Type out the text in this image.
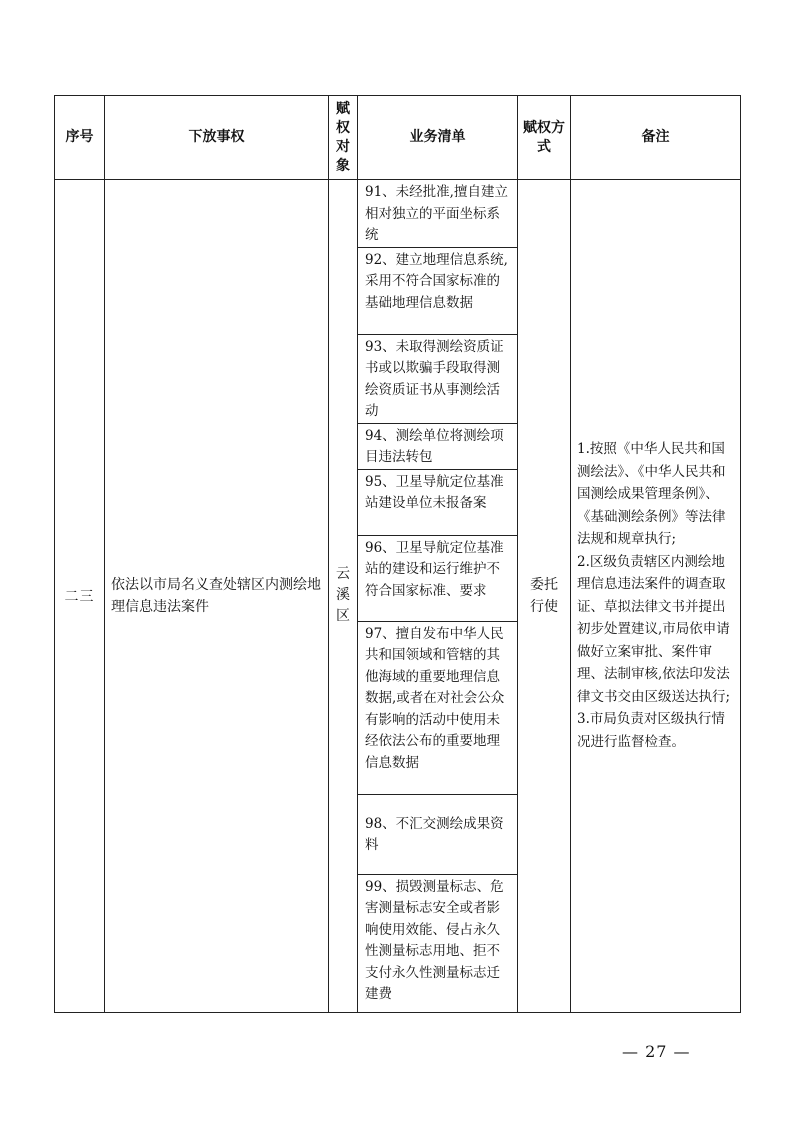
序号	下放事权	赋权对象	业务清单	赋权方式	备注
二三	依法以市局名义查处辖区内测绘地理信息违法案件	云溪区	91、未经批准,擅自建立相对独立的平面坐标系统	委托行使	1.按照《中华人民共和国测绘法》、《中华人民共和国测绘成果管理条例》、《基础测绘条例》等法律法规和规章执行;
2.区级负责辖区内测绘地理信息违法案件的调查取证、草拟法律文书并提出初步处置建议,市局依申请做好立案审批、案件审理、法制审核,依法印发法律文书交由区级送达执行;
3.市局负责对区级执行情况进行监督检查。

			92、建立地理信息系统,采用不符合国家标准的基础地理信息数据		
			93、未取得测绘资质证书或以欺骗手段取得测绘资质证书从事测绘活动		
			94、测绘单位将测绘项目违法转包		
			95、卫星导航定位基准站建设单位未报备案		
			96、卫星导航定位基准站的建设和运行维护不符合国家标准、要求		
			97、擅自发布中华人民共和国领域和管辖的其他海域的重要地理信息数据,或者在对社会公众有影响的活动中使用未经依法公布的重要地理信息数据		
			98、不汇交测绘成果资料		
			99、损毁测量标志、危害测量标志安全或者影响使用效能、侵占永久性测量标志用地、拒不支付永久性测量标志迁建费		
— 27 —
